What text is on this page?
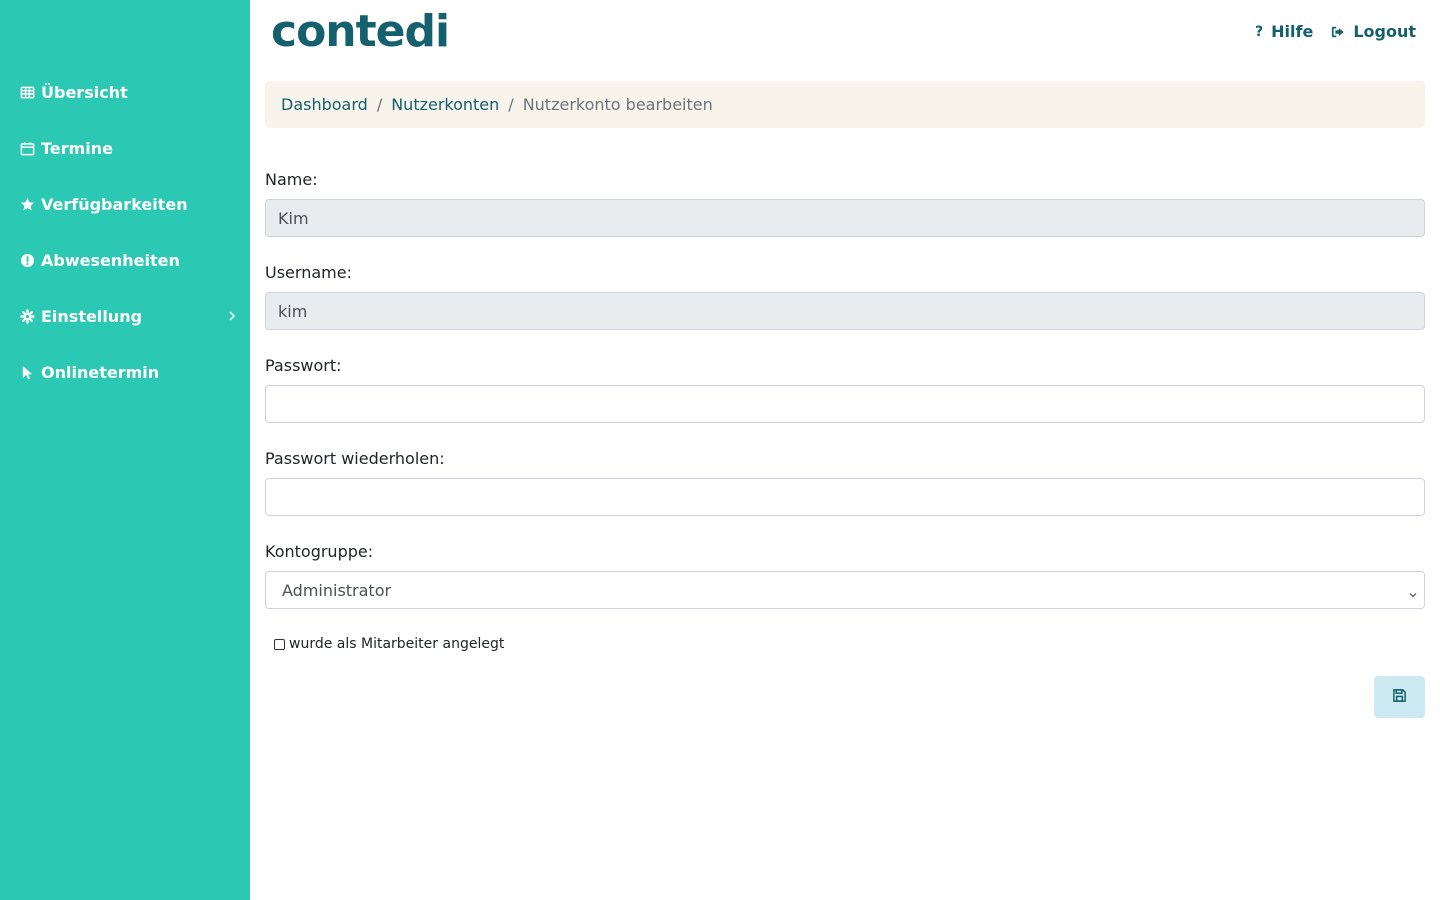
Übersicht
Termine
Verfügbarkeiten
Abwesenheiten
Einstellung
Onlinetermin
contedi	? Hilfe	Logout
Dashboard / Nutzerkonten / Nutzerkonto bearbeiten
Name:
Kim
Username:
kim
Passwort:
Passwort wiederholen:
Kontogruppe:
Administrator
wurde als Mitarbeiter angelegt
